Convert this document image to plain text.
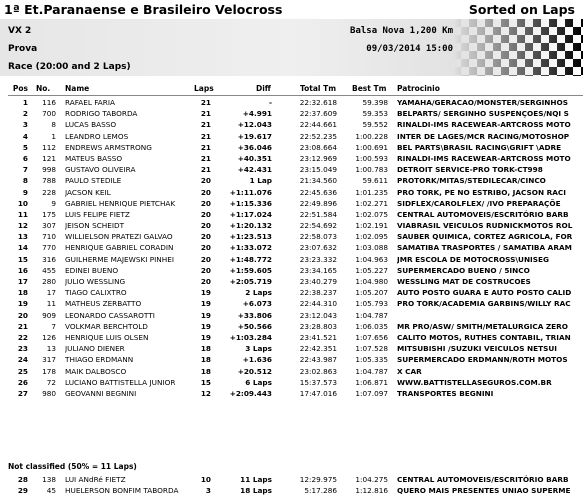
1ª Et.Paranaense e Brasileiro Velocross	Sorted on Laps
VX 2
Prova
Race (20:00 and 2 Laps)
Balsa Nova 1,200 Km
09/03/2014 15:00
Pos No. Name	Laps	Diff	Total Tm Best Tm Patrocinio
1	116 RAFAEL FARIA	21	-	22:32.618	59.398 YAMAHA/GERACAO/MONSTER/SERGINHOS
2	700 RODRIGO TABORDA	21	+4.991	22:37.609	59.353 BELPARTS/ SERGINHO SUSPENÇOES/NQI S
3	8 LUCAS BASSO	21	+12.043	22:44.661	59.552 RINALDI-IMS RACEWEAR-ARTCROSS MOTO
4	1 LEANDRO LEMOS	21	+19.617	22:52.235	1:00.228 INTER DE LAGES/MCR RACING/MOTOSHOP
5	112 ENDREWS ARMSTRONG	21	+36.046	23:08.664	1:00.691 BEL PARTS\BRASIL RACING\GRIFT \ADRE
6	121 MATEUS BASSO	21	+40.351	23:12.969	1:00.593 RINALDI-IMS RACEWEAR-ARTCROSS MOTO
7	998 GUSTAVO OLIVEIRA	21	+42.431	23:15.049	1:00.783 DETROIT SERVICE-PRO TORK-CT998
8	788 PAULO STEDILE	20	1 Lap	21:34.560	59.611 PROTORK/MITAS/STEDILECAR/CINCO
9	228 JACSON KEIL	20	+1:11.076	22:45.636	1:01.235 PRO TORK, PE NO ESTRIBO, JACSON RACI
10	9 GABRIEL HENRIQUE PIETCHAK	20	+1:15.336	22:49.896	1:02.271 SIDFLEX/CAROLFLEX/ /IVO PREPARAÇÕE
11	175 LUIS FELIPE FIETZ	20	+1:17.024	22:51.584	1:02.075 CENTRAL AUTOMOVEIS/ESCRITÓRIO BARB
12	307 JEISON SCHEIDT	20	+1:20.132	22:54.692	1:02.191 VIABRASIL VEICULOS RUDNICKMOTOS ROL
13	710 WILLIELSON PRATEZI GALVAO	20	+1:23.513	22:58.073	1:02.095 SAUBER QUIMICA, CORTEZ AGRICOLA, FOR
14	770 HENRIQUE GABRIEL CORADIN	20	+1:33.072	23:07.632	1:03.088 SAMATIBA TRASPORTES / SAMATIBA ARAM
15	316 GUILHERME MAJEWSKI PINHEI	20	+1:48.772	23:23.332	1:04.963 JMR ESCOLA DE MOTOCROSS\UNISEG
16	455 EDINEI BUENO	20	+1:59.605	23:34.165	1:05.227 SUPERMERCADO BUENO / 5INCO
17	280 JULIO WESSLING	20	+2:05.719	23:40.279	1:04.980 WESSLING MAT DE COSTRUCOES
18	17 TIAGO CALIXTRO	19	2 Laps	22:38.237	1:05.207 AUTO POSTO GUARA E AUTO POSTO CALID
19	11 MATHEUS ZERBATTO	19	+6.073	22:44.310	1:05.793 PRO TORK/ACADEMIA GARBINS/WILLY RAC
20	909 LEONARDO CASSAROTTI	19	+33.806	23:12.043	1:04.787
21	7 VOLKMAR BERCHTOLD	19	+50.566	23:28.803	1:06.035 MR PRO/ASW/ SMITH/METALURGICA ZERO
22	126 HENRIQUE LUIS OLSEN	19	+1:03.284	23:41.521	1:07.656 CALITO MOTOS, RUTHES CONTABIL, TRIAN
23	13 JULIANO DIENER	18	3 Laps	22:42.351	1:07.528 MITSUBISHI /SUZUKI VEICULOS NETSUI
24	317 THIAGO ERDMANN	18	+1.636	22:43.987	1:05.335 SUPERMERCADO ERDMANN/ROTH MOTOS
25	178 MAIK DALBOSCO	18	+20.512	23:02.863	1:04.787 X CAR
26	72 LUCIANO BATTISTELLA JUNIOR	15	6 Laps	15:37.573	1:06.871 WWW.BATTISTELLASEGUROS.COM.BR
27	980 GEOVANNI BEGNINI	12	+2:09.443	17:47.016	1:07.097 TRANSPORTES BEGNINI
Not classified (50% = 11 Laps)
28	138 LUI ANdRé FIETZ	10	11 Laps	12:29.975	1:04.275 CENTRAL AUTOMOVEIS/ESCRITÓRIO BARB
29	45 HUELERSON BONFIM TABORDA	3	18 Laps	5:17.286	1:12.816 QUERO MAIS PRESENTES UNIAO SUPERME
